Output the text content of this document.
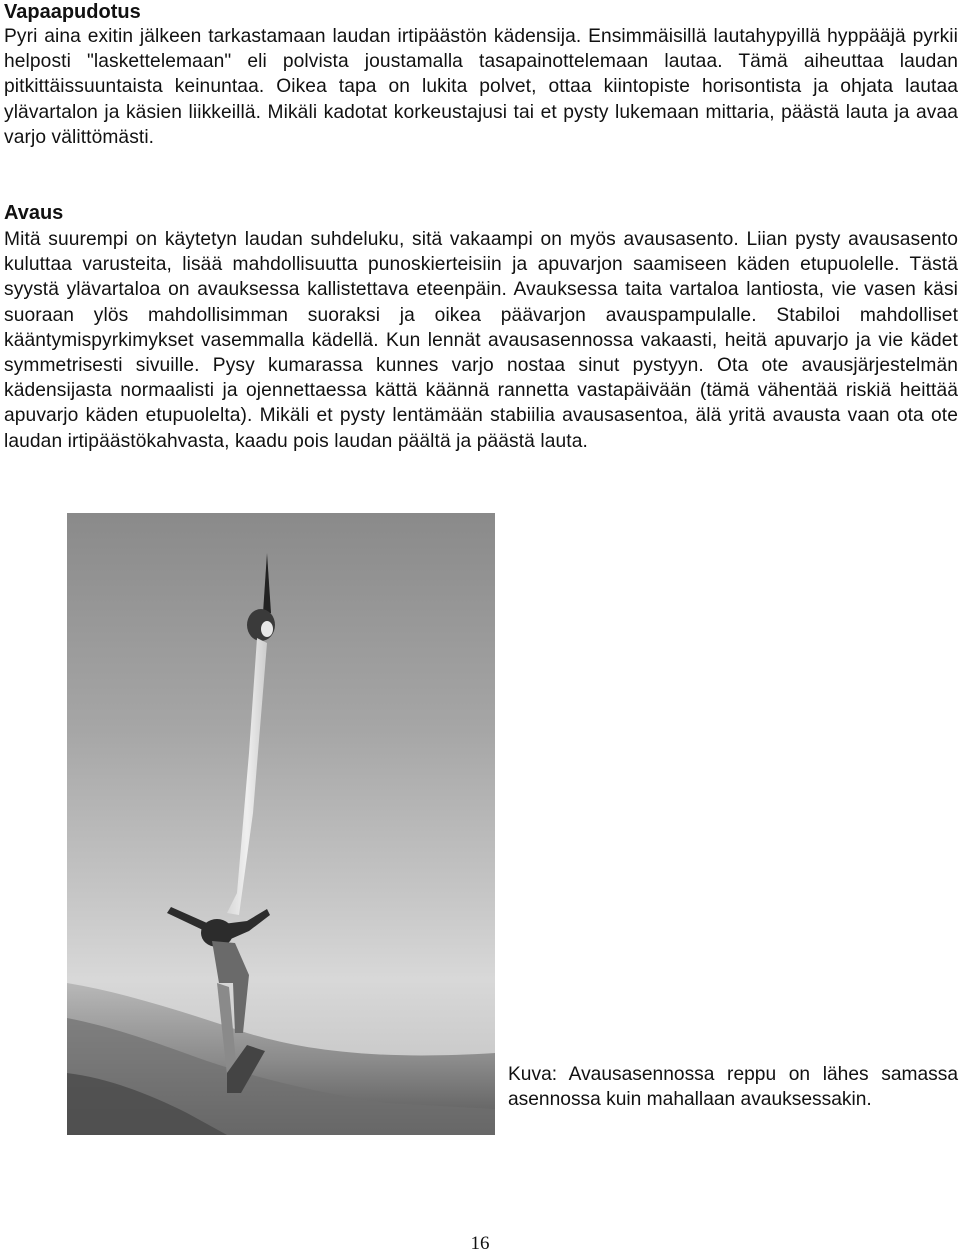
Vapaapudotus

Pyri aina exitin jälkeen tarkastamaan laudan irtipäästön kädensija. Ensimmäisillä lautahypyillä hyppääjä pyrkii helposti "laskettelemaan" eli polvista joustamalla tasapainottelemaan lautaa. Tämä aiheuttaa laudan pitkittäissuuntaista keinuntaa. Oikea tapa on lukita polvet, ottaa kiintopiste horisontista ja ohjata lautaa ylävartalon ja käsien liikkeillä. Mikäli kadotat korkeustajusi tai et pysty lukemaan mittaria, päästä lauta ja avaa varjo välittömästi.

Avaus

Mitä suurempi on käytetyn laudan suhdeluku, sitä vakaampi on myös avausasento. Liian pysty avausasento kuluttaa varusteita, lisää mahdollisuutta punoskierteisiin ja apuvarjon saamiseen käden etupuolelle. Tästä syystä ylävartaloa on avauksessa kallistettava eteenpäin. Avauksessa taita vartaloa lantiosta, vie vasen käsi suoraan ylös mahdollisimman suoraksi ja oikea päävarjon avauspampulalle. Stabiloi mahdolliset kääntymispyrkimykset vasemmalla kädellä. Kun lennät avausasennossa vakaasti, heitä apuvarjo ja vie kädet symmetrisesti sivuille. Pysy kumarassa kunnes varjo nostaa sinut pystyyn. Ota ote avausjärjestelmän kädensijasta normaalisti ja ojennettaessa kättä käännä rannetta vastapäivään (tämä vähentää riskiä heittää apuvarjo käden etupuolelta). Mikäli et pysty lentämään stabiilia avausasentoa, älä yritä avausta vaan ota ote laudan irtipäästökahvasta, kaadu pois laudan päältä ja päästä lauta.

Kuva: Avausasennossa reppu on lähes samassa asennossa kuin mahallaan avauksessakin.

16
